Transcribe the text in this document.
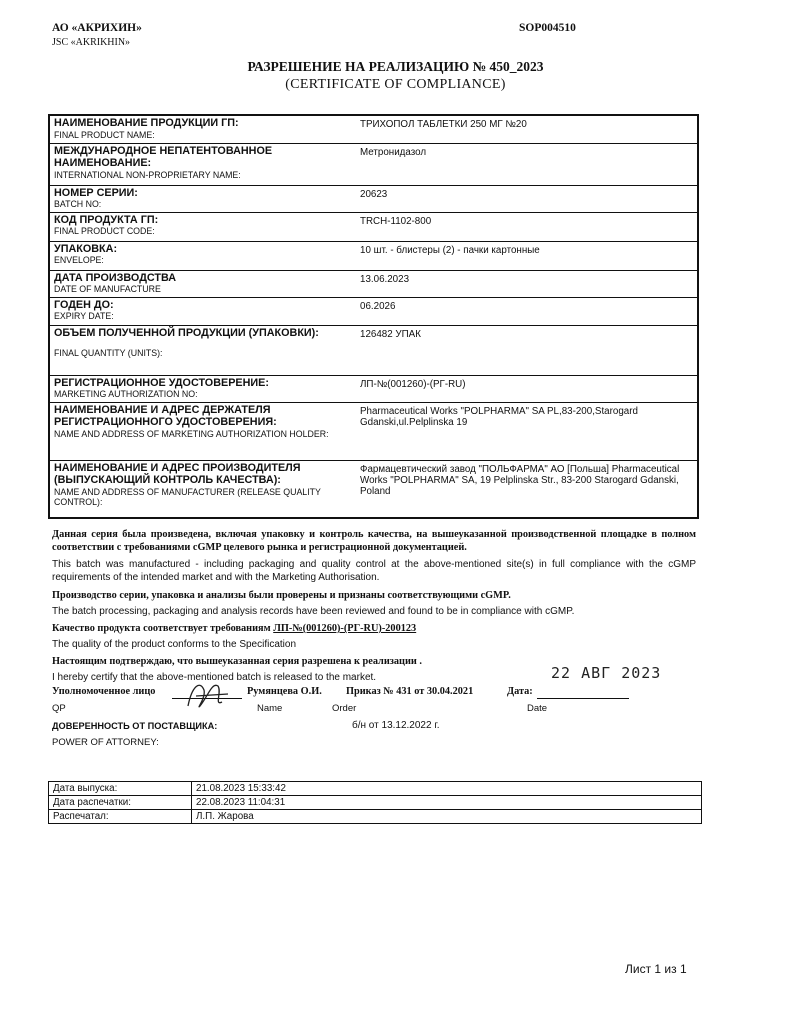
АО «АКРИХИН»
JSC «AKRIKHIN»
SOP004510
РАЗРЕШЕНИЕ НА РЕАЛИЗАЦИЮ № 450_2023
(CERTIFICATE OF COMPLIANCE)
НАИМЕНОВАНИЕ ПРОДУКЦИИ ГП:
FINAL PRODUCT NAME:	ТРИХОПОЛ ТАБЛЕТКИ 250 МГ №20

МЕЖДУНАРОДНОЕ НЕПАТЕНТОВАННОЕ НАИМЕНОВАНИЕ:
INTERNATIONAL NON-PROPRIETARY NAME:	Метронидазол

НОМЕР СЕРИИ:
BATCH NO:	20623

КОД ПРОДУКТА ГП:
FINAL PRODUCT CODE:	TRCH-1102-800

УПАКОВКА:
ENVELOPE:	10 шт. - блистеры (2) - пачки картонные

ДАТА ПРОИЗВОДСТВА
DATE OF MANUFACTURE	13.06.2023

ГОДЕН ДО:
EXPIRY DATE:	06.2026

ОБЪЕМ ПОЛУЧЕННОЙ ПРОДУКЦИИ (УПАКОВКИ):
FINAL QUANTITY (UNITS):	126482 УПАК

РЕГИСТРАЦИОННОЕ УДОСТОВЕРЕНИЕ:
MARKETING AUTHORIZATION NO:	ЛП-№(001260)-(РГ-RU)

НАИМЕНОВАНИЕ И АДРЕС ДЕРЖАТЕЛЯ РЕГИСТРАЦИОННОГО УДОСТОВЕРЕНИЯ:
NAME AND ADDRESS OF MARKETING AUTHORIZATION HOLDER:	Pharmaceutical Works "POLPHARMA" SA PL,83-200,Starogard Gdanski,ul.Pelplinska 19

НАИМЕНОВАНИЕ И АДРЕС ПРОИЗВОДИТЕЛЯ (ВЫПУСКАЮЩИЙ КОНТРОЛЬ КАЧЕСТВА):
NAME AND ADDRESS OF MANUFACTURER (RELEASE QUALITY CONTROL):	Фармацевтический завод "ПОЛЬФАРМА" АО [Польша] Pharmaceutical Works "POLPHARMA" SA, 19 Pelplinska Str., 83-200 Starogard Gdanski, Poland
Данная серия была произведена, включая упаковку и контроль качества, на вышеуказанной производственной площадке в полном соответствии с требованиями cGMP целевого рынка и регистрационной документацией.
This batch was manufactured - including packaging and quality control at the above-mentioned site(s) in full compliance with the cGMP requirements of the intended market and with the Marketing Authorisation.
Производство серии, упаковка и анализы были проверены и признаны соответствующими cGMP.
The batch processing, packaging and analysis records have been reviewed and found to be in compliance with cGMP.
Качество продукта соответствует требованиям ЛП-№(001260)-(РГ-RU)-200123
The quality of the product conforms to the Specification
Настоящим подтверждаю, что вышеуказанная серия разрешена к реализации .
I hereby certify that the above-mentioned batch is released to the market.	22 АВГ 2023
Уполномоченное лицо	Румянцева О.И. Приказ № 431 от 30.04.2021	Дата:
QP	Name	Order	Date
ДОВЕРЕННОСТЬ ОТ ПОСТАВЩИКА:	б/н от 13.12.2022 г.
POWER OF ATTORNEY:
Дата выпуска:	21.08.2023 15:33:42
Дата распечатки:	22.08.2023 11:04:31
Распечатал:	Л.П. Жарова
Лист 1 из 1
